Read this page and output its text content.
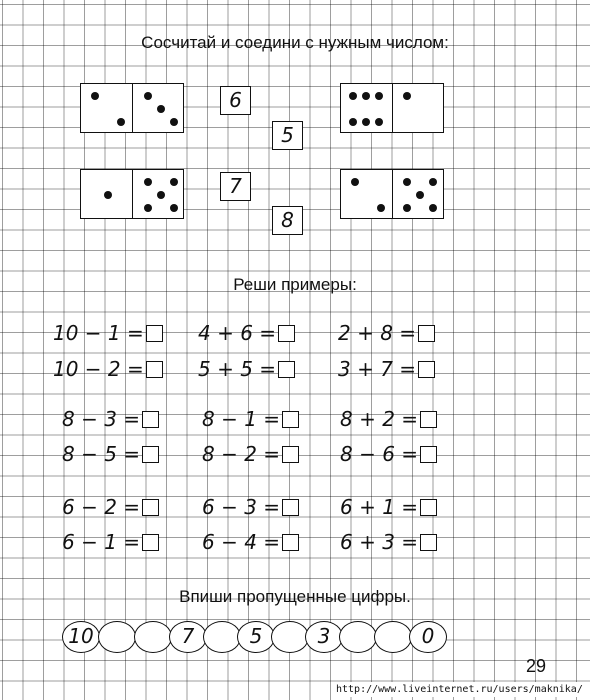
Сосчитай и соедини с нужным числом:
6
5
7
8
Реши примеры:
10 − 1 =	4 + 6 =	2 + 8 =
10 − 2 =	5 + 5 =	3 + 7 =
8 − 3 =	8 − 1 =	8 + 2 =
8 − 5 =	8 − 2 =	8 − 6 =
6 − 2 =	6 − 3 =	6 + 1 =
6 − 1 =	6 − 4 =	6 + 3 =
Впиши пропущенные цифры.
10	7	5	3	0
29
http://www.liveinternet.ru/users/maknika/
